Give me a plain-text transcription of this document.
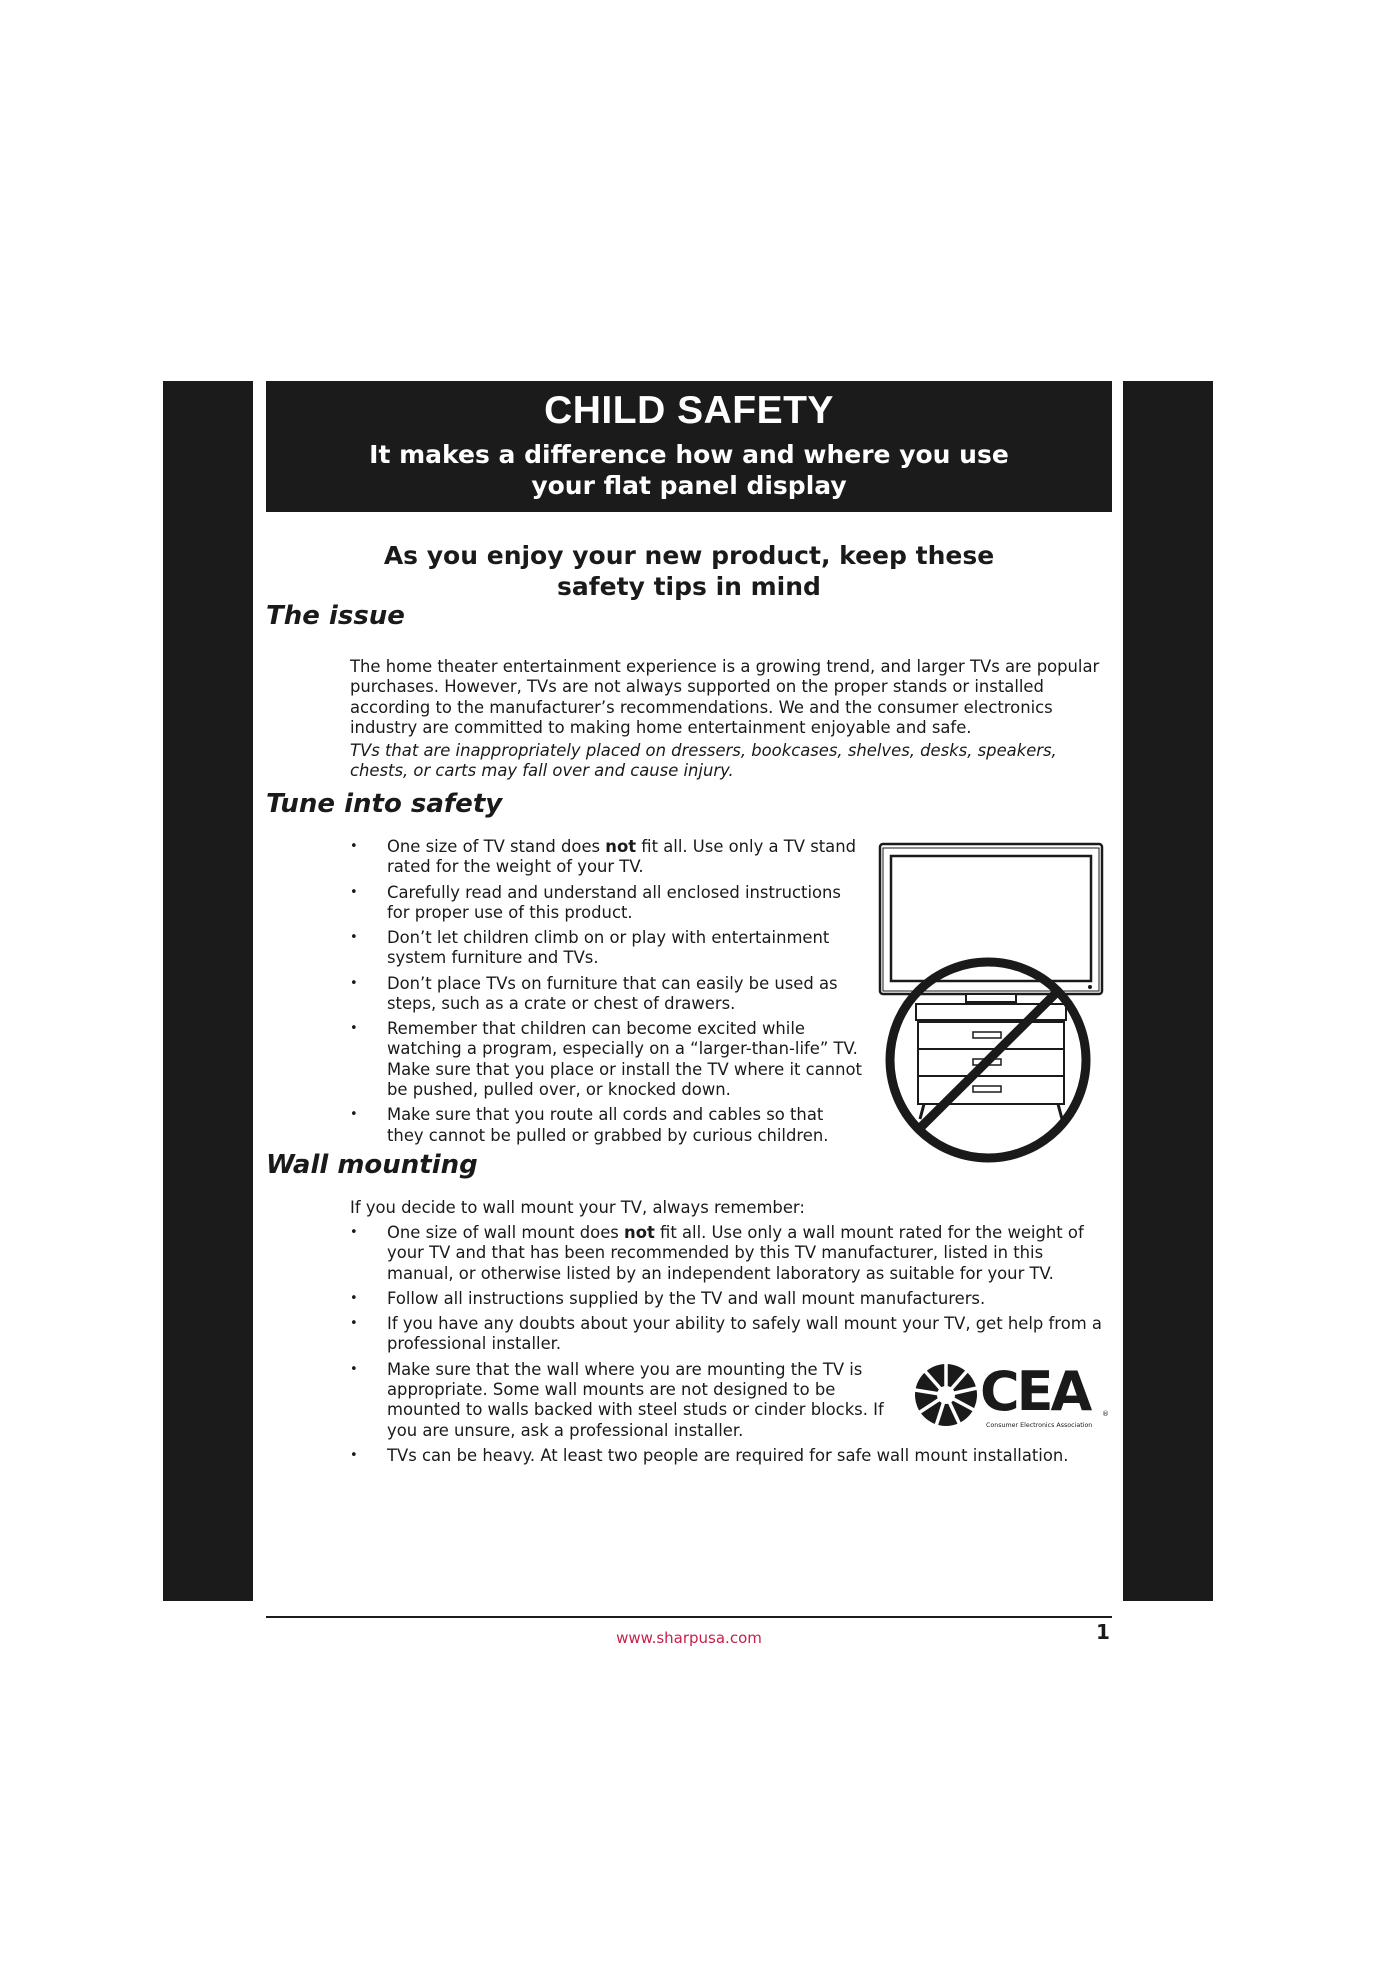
CHILD SAFETY
It makes a difference how and where you use
your flat panel display
As you enjoy your new product, keep these
safety tips in mind
The issue

The home theater entertainment experience is a growing trend, and larger TVs are popular purchases. However, TVs are not always supported on the proper stands or installed according to the manufacturer’s recommendations. We and the consumer electronics industry are committed to making home entertainment enjoyable and safe.

TVs that are inappropriately placed on dressers, bookcases, shelves, desks, speakers, chests, or carts may fall over and cause injury.

Tune into safety
• One size of TV stand does not fit all. Use only a TV stand rated for the weight of your TV.
• Carefully read and understand all enclosed instructions for proper use of this product.
• Don’t let children climb on or play with entertainment system furniture and TVs.
• Don’t place TVs on furniture that can easily be used as steps, such as a crate or chest of drawers.
• Remember that children can become excited while watching a program, especially on a “larger-than-life” TV. Make sure that you place or install the TV where it cannot be pushed, pulled over, or knocked down.
• Make sure that you route all cords and cables so that they cannot be pulled or grabbed by curious children.
Wall mounting

If you decide to wall mount your TV, always remember:

• One size of wall mount does not fit all. Use only a wall mount rated for the weight of your TV and that has been recommended by this TV manufacturer, listed in this manual, or otherwise listed by an independent laboratory as suitable for your TV.
• Follow all instructions supplied by the TV and wall mount manufacturers.
• If you have any doubts about your ability to safely wall mount your TV, get help from a professional installer.
• Make sure that the wall where you are mounting the TV is appropriate. Some wall mounts are not designed to be mounted to walls backed with steel studs or cinder blocks. If you are unsure, ask a professional installer.
• TVs can be heavy. At least two people are required for safe wall mount installation.
CEA ®
Consumer Electronics Association
www.sharpusa.com	1
